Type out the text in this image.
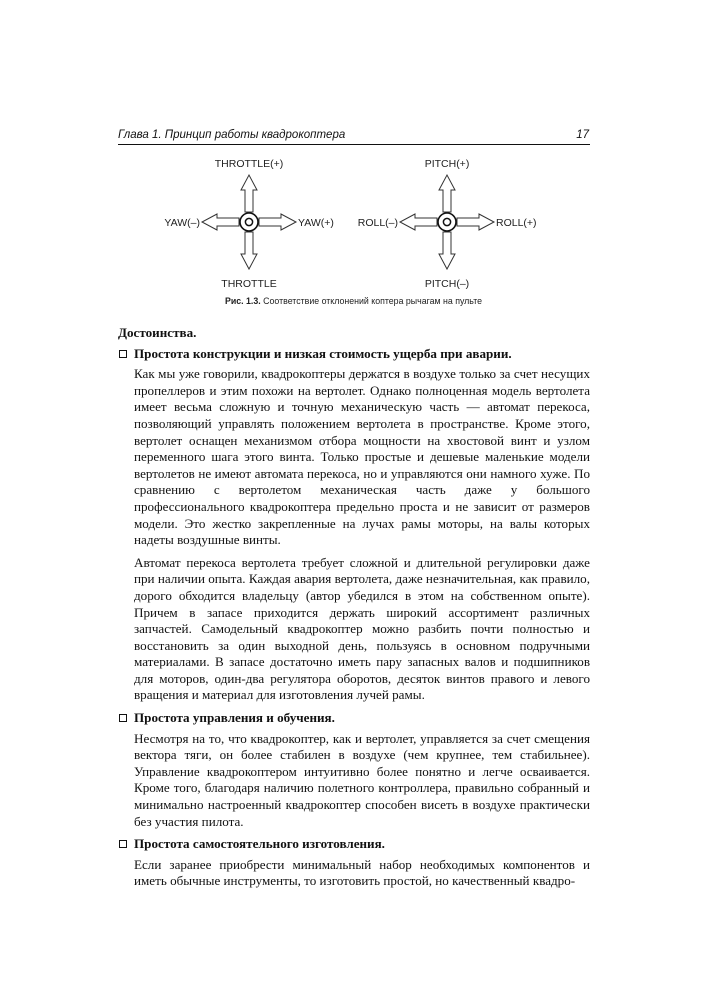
Глава 1. Принцип работы квадрокоптера	17
THROTTLE(+)
THROTTLE
YAW(–)	YAW(+)
PITCH(+)
PITCH(–)
ROLL(–)	ROLL(+)
Рис. 1.3. Соответствие отклонений коптера рычагам на пульте

Достоинства.

Простота конструкции и низкая стоимость ущерба при аварии.

Как мы уже говорили, квадрокоптеры держатся в воздухе только за счет несущих пропеллеров и этим похожи на вертолет. Однако полноценная модель вертолета имеет весьма сложную и точную механическую часть — автомат перекоса, позволяющий управлять положением вертолета в пространстве. Кроме этого, вертолет оснащен механизмом отбора мощности на хвостовой винт и узлом переменного шага этого винта. Только простые и дешевые маленькие модели вертолетов не имеют автомата перекоса, но и управляются они намного хуже. По сравнению с вертолетом механическая часть даже у большого профессионального квадрокоптера предельно проста и не зависит от размеров модели. Это жестко закрепленные на лучах рамы моторы, на валы которых надеты воздушные винты.

Автомат перекоса вертолета требует сложной и длительной регулировки даже при наличии опыта. Каждая авария вертолета, даже незначительная, как правило, дорого обходится владельцу (автор убедился в этом на собственном опыте). Причем в запасе приходится держать широкий ассортимент различных запчастей. Самодельный квадрокоптер можно разбить почти полностью и восстановить за один выходной день, пользуясь в основном подручными материалами. В запасе достаточно иметь пару запасных валов и подшипников для моторов, один-два регулятора оборотов, десяток винтов правого и левого вращения и материал для изготовления лучей рамы.

Простота управления и обучения.

Несмотря на то, что квадрокоптер, как и вертолет, управляется за счет смещения вектора тяги, он более стабилен в воздухе (чем крупнее, тем стабильнее). Управление квадрокоптером интуитивно более понятно и легче осваивается. Кроме того, благодаря наличию полетного контроллера, правильно собранный и минимально настроенный квадрокоптер способен висеть в воздухе практически без участия пилота.

Простота самостоятельного изготовления.

Если заранее приобрести минимальный набор необходимых компонентов и иметь обычные инструменты, то изготовить простой, но качественный квадро-
